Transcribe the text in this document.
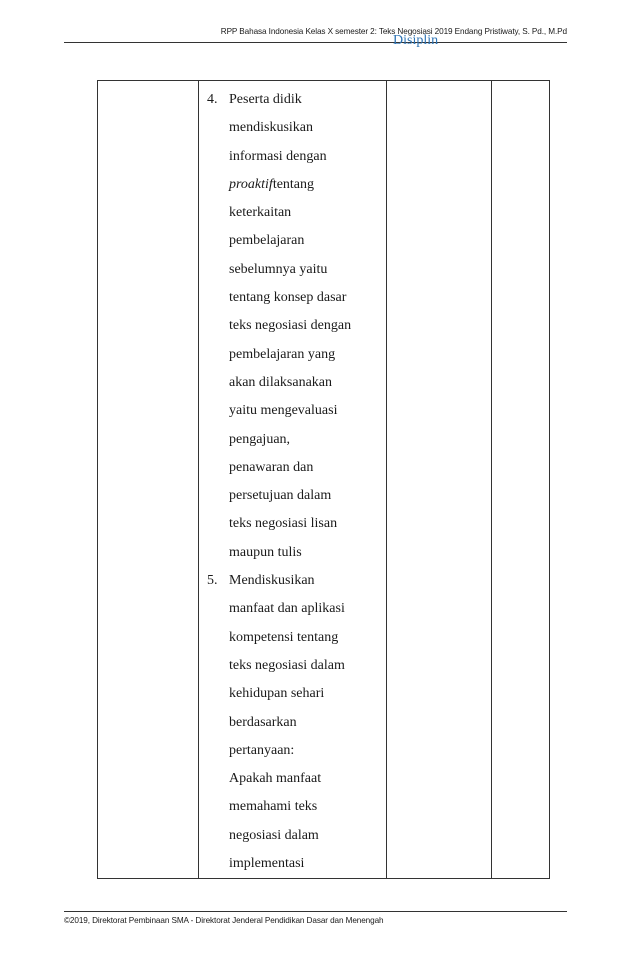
RPP Bahasa Indonesia Kelas X semester 2: Teks Negosiasi 2019 Endang Pristiwaty, S. Pd., M.Pd

4. Peserta didik
mendiskusikan
informasi dengan
proaktiftentang
keterkaitan
pembelajaran
sebelumnya yaitu
tentang konsep dasar
teks negosiasi dengan
pembelajaran yang
akan dilaksanakan
yaitu mengevaluasi
pengajuan,
penawaran dan
persetujuan dalam
teks negosiasi lisan
maupun tulis
5. Mendiskusikan
manfaat dan aplikasi
kompetensi tentang
teks negosiasi dalam
kehidupan sehari
berdasarkan
pertanyaan:
Apakah manfaat
memahami teks
negosiasi dalam
implementasi

Disiplin

©2019, Direktorat Pembinaan SMA - Direktorat Jenderal Pendidikan Dasar dan Menengah
